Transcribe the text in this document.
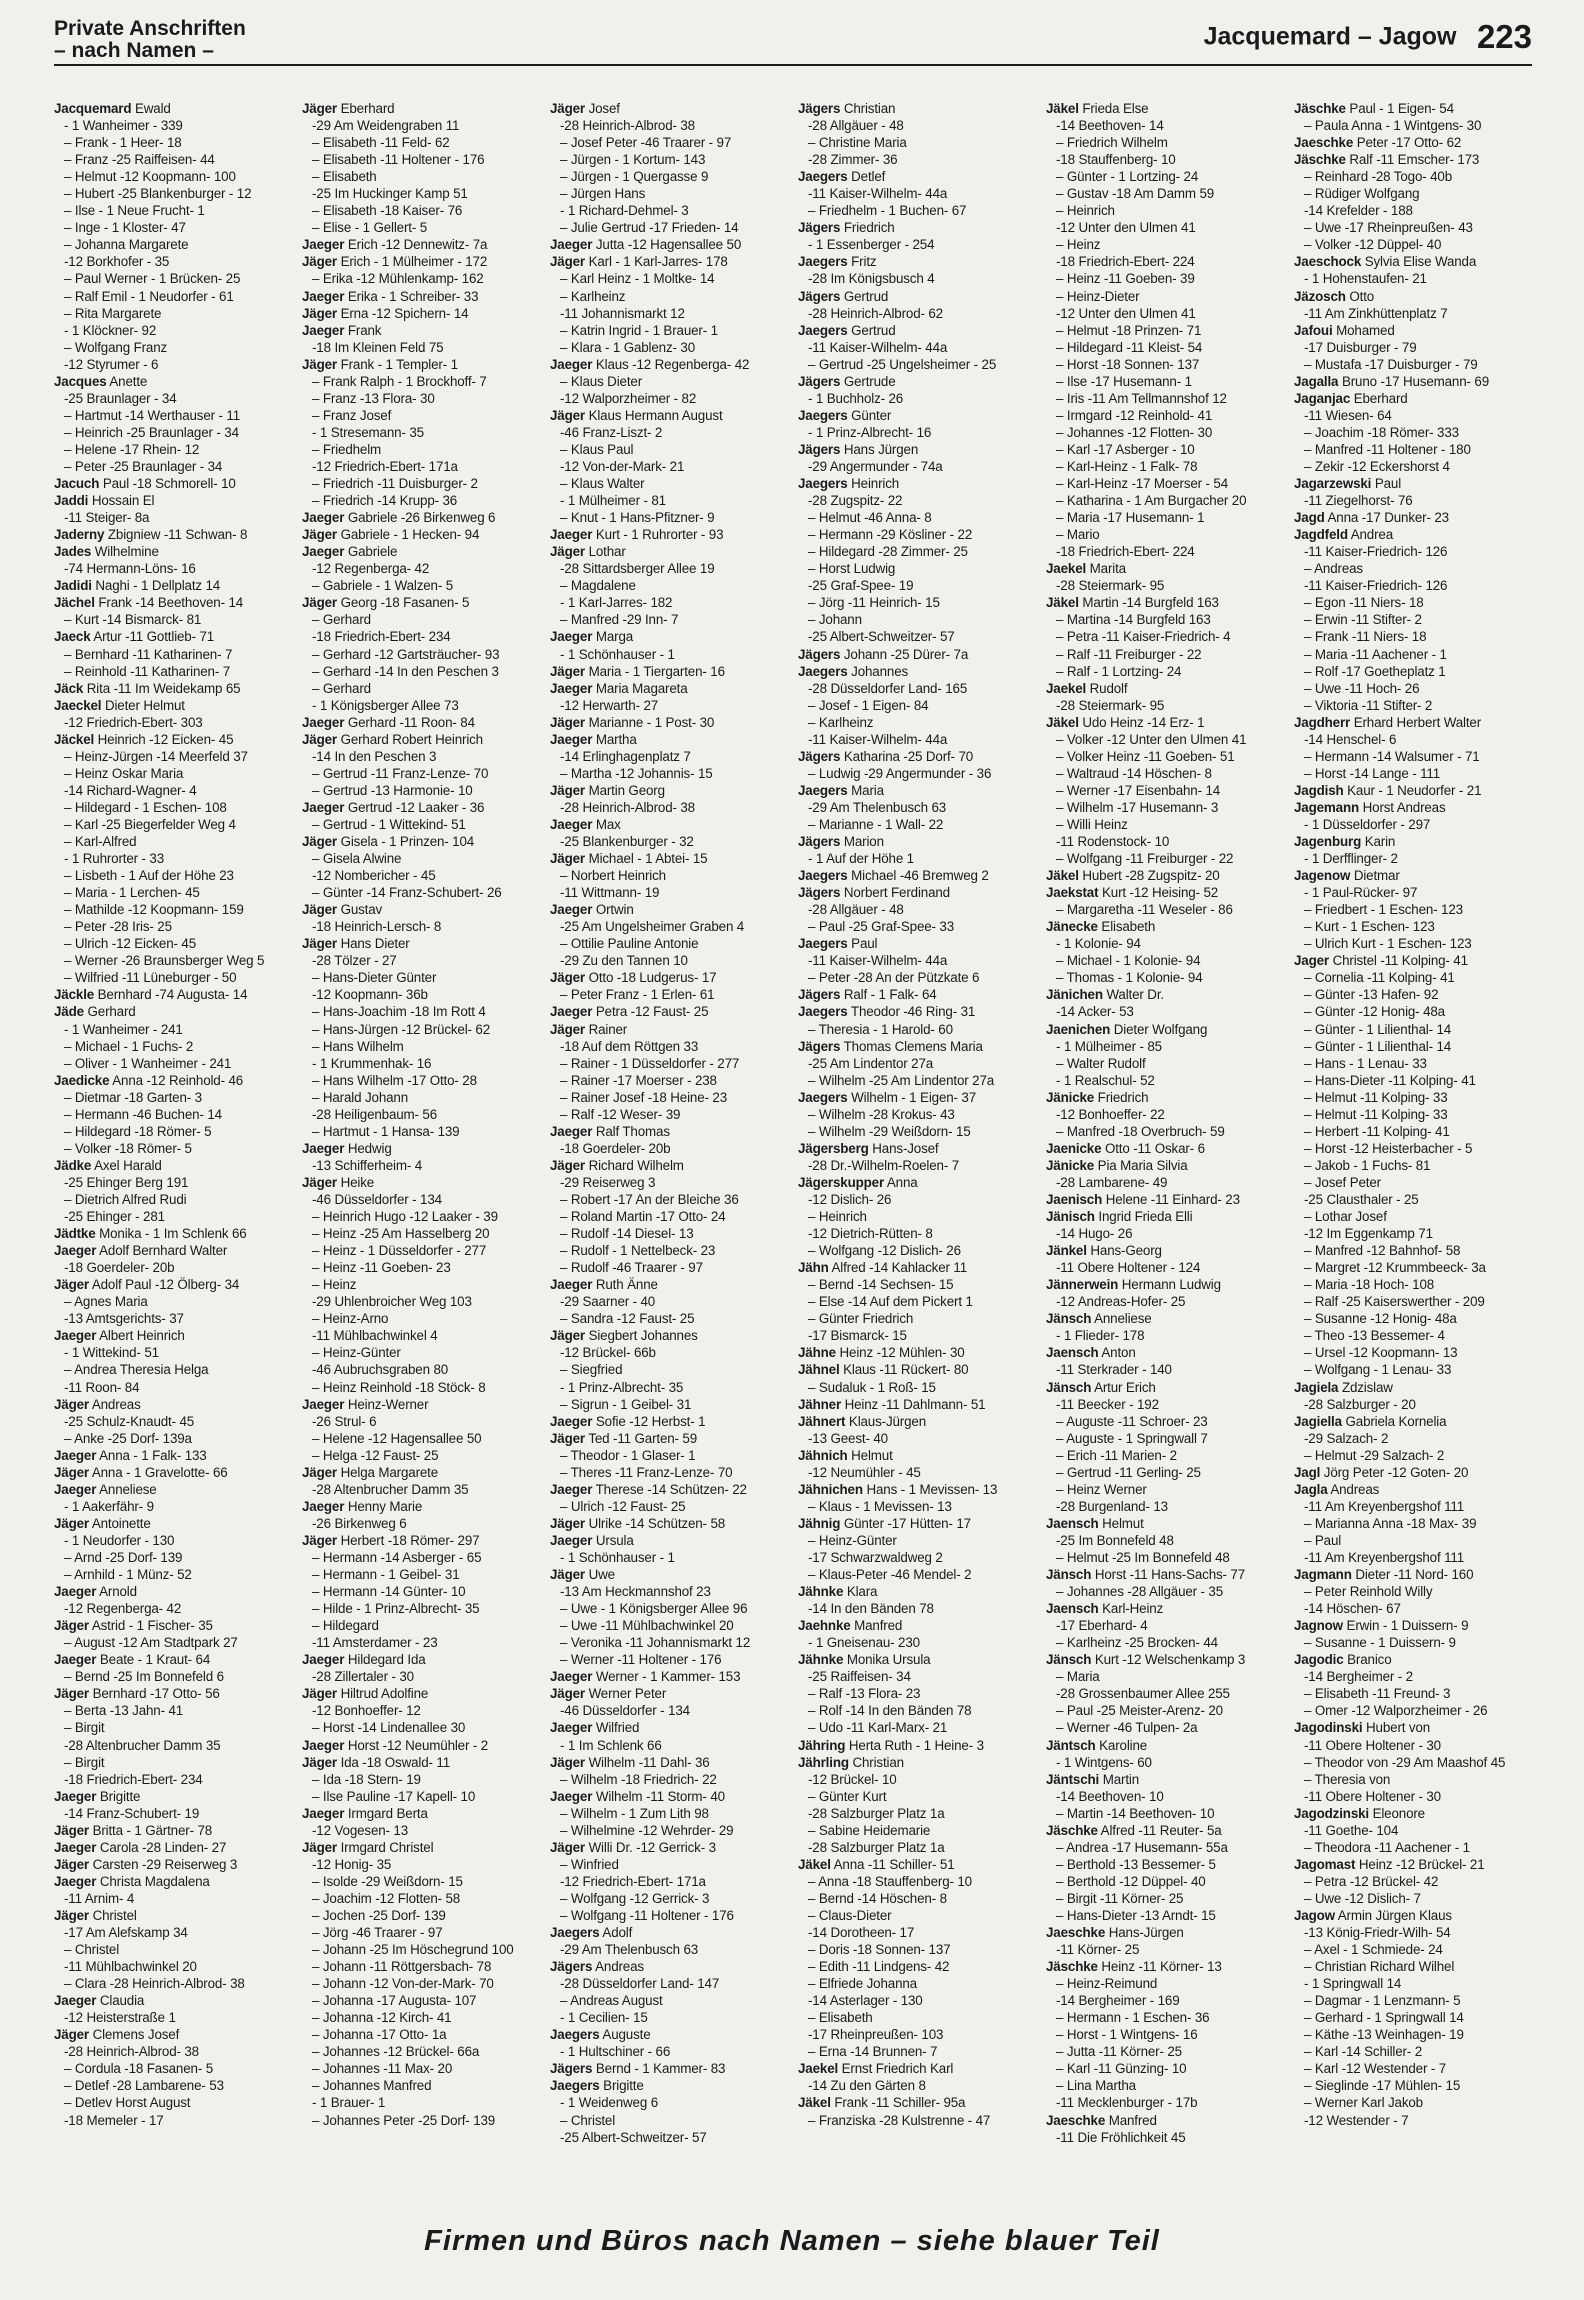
Private Anschriften
– nach Namen –	Jacquemard – Jagow 223
Jacquemard Ewald
- 1 Wanheimer - 339
– Frank - 1 Heer- 18
– Franz -25 Raiffeisen- 44
– Helmut -12 Koopmann- 100
– Hubert -25 Blankenburger - 12
– Ilse - 1 Neue Frucht- 1
– Inge - 1 Kloster- 47
– Johanna Margarete
-12 Borkhofer - 35
– Paul Werner - 1 Brücken- 25
– Ralf Emil - 1 Neudorfer - 61
– Rita Margarete
- 1 Klöckner- 92
– Wolfgang Franz
-12 Styrumer - 6
Jacques Anette
-25 Braunlager - 34
– Hartmut -14 Werthauser - 11
– Heinrich -25 Braunlager - 34
– Helene -17 Rhein- 12
– Peter -25 Braunlager - 34
Jacuch Paul -18 Schmorell- 10
Jaddi Hossain El
-11 Steiger- 8a
Jaderny Zbigniew -11 Schwan- 8
Jades Wilhelmine
-74 Hermann-Löns- 16
Jadidi Naghi - 1 Dellplatz 14
Jächel Frank -14 Beethoven- 14
– Kurt -14 Bismarck- 81
Jaeck Artur -11 Gottlieb- 71
– Bernhard -11 Katharinen- 7
– Reinhold -11 Katharinen- 7
Jäck Rita -11 Im Weidekamp 65
Jaeckel Dieter Helmut
-12 Friedrich-Ebert- 303
Jäckel Heinrich -12 Eicken- 45
– Heinz-Jürgen -14 Meerfeld 37
– Heinz Oskar Maria
-14 Richard-Wagner- 4
– Hildegard - 1 Eschen- 108
– Karl -25 Biegerfelder Weg 4
– Karl-Alfred
- 1 Ruhrorter - 33
– Lisbeth - 1 Auf der Höhe 23
– Maria - 1 Lerchen- 45
– Mathilde -12 Koopmann- 159
– Peter -28 Iris- 25
– Ulrich -12 Eicken- 45
– Werner -26 Braunsberger Weg 5
– Wilfried -11 Lüneburger - 50
Jäckle Bernhard -74 Augusta- 14
Jäde Gerhard
- 1 Wanheimer - 241
– Michael - 1 Fuchs- 2
– Oliver - 1 Wanheimer - 241
Jaedicke Anna -12 Reinhold- 46
– Dietmar -18 Garten- 3
– Hermann -46 Buchen- 14
– Hildegard -18 Römer- 5
– Volker -18 Römer- 5
Jädke Axel Harald
-25 Ehinger Berg 191
– Dietrich Alfred Rudi
-25 Ehinger - 281
Jädtke Monika - 1 Im Schlenk 66
Jaeger Adolf Bernhard Walter
-18 Goerdeler- 20b
Jäger Adolf Paul -12 Ölberg- 34
– Agnes Maria
-13 Amtsgerichts- 37
Jaeger Albert Heinrich
- 1 Wittekind- 51
– Andrea Theresia Helga
-11 Roon- 84
Jäger Andreas
-25 Schulz-Knaudt- 45
– Anke -25 Dorf- 139a
Jaeger Anna - 1 Falk- 133
Jäger Anna - 1 Gravelotte- 66
Jaeger Anneliese
- 1 Aakerfähr- 9
Jäger Antoinette
- 1 Neudorfer - 130
– Arnd -25 Dorf- 139
– Arnhild - 1 Münz- 52
Jaeger Arnold
-12 Regenberga- 42
Jäger Astrid - 1 Fischer- 35
– August -12 Am Stadtpark 27
Jaeger Beate - 1 Kraut- 64
– Bernd -25 Im Bonnefeld 6
Jäger Bernhard -17 Otto- 56
– Berta -13 Jahn- 41
– Birgit
-28 Altenbrucher Damm 35
– Birgit
-18 Friedrich-Ebert- 234
Jaeger Brigitte
-14 Franz-Schubert- 19
Jäger Britta - 1 Gärtner- 78
Jaeger Carola -28 Linden- 27
Jäger Carsten -29 Reiserweg 3
Jaeger Christa Magdalena
-11 Arnim- 4
Jäger Christel
-17 Am Alefskamp 34
– Christel
-11 Mühlbachwinkel 20
– Clara -28 Heinrich-Albrod- 38
Jaeger Claudia
-12 Heisterstraße 1
Jäger Clemens Josef
-28 Heinrich-Albrod- 38
– Cordula -18 Fasanen- 5
– Detlef -28 Lambarene- 53
– Detlev Horst August
-18 Memeler - 17
Jäger Eberhard
-29 Am Weidengraben 11
– Elisabeth -11 Feld- 62
– Elisabeth -11 Holtener - 176
– Elisabeth
-25 Im Huckinger Kamp 51
– Elisabeth -18 Kaiser- 76
– Elise - 1 Gellert- 5
Jaeger Erich -12 Dennewitz- 7a
Jäger Erich - 1 Mülheimer - 172
– Erika -12 Mühlenkamp- 162
Jaeger Erika - 1 Schreiber- 33
Jäger Erna -12 Spichern- 14
Jaeger Frank
-18 Im Kleinen Feld 75
Jäger Frank - 1 Templer- 1
– Frank Ralph - 1 Brockhoff- 7
– Franz -13 Flora- 30
– Franz Josef
- 1 Stresemann- 35
– Friedhelm
-12 Friedrich-Ebert- 171a
– Friedrich -11 Duisburger- 2
– Friedrich -14 Krupp- 36
Jaeger Gabriele -26 Birkenweg 6
Jäger Gabriele - 1 Hecken- 94
Jaeger Gabriele
-12 Regenberga- 42
– Gabriele - 1 Walzen- 5
Jäger Georg -18 Fasanen- 5
– Gerhard
-18 Friedrich-Ebert- 234
– Gerhard -12 Gartsträucher- 93
– Gerhard -14 In den Peschen 3
– Gerhard
- 1 Königsberger Allee 73
Jaeger Gerhard -11 Roon- 84
Jäger Gerhard Robert Heinrich
-14 In den Peschen 3
– Gertrud -11 Franz-Lenze- 70
– Gertrud -13 Harmonie- 10
Jaeger Gertrud -12 Laaker - 36
– Gertrud - 1 Wittekind- 51
Jäger Gisela - 1 Prinzen- 104
– Gisela Alwine
-12 Nombericher - 45
– Günter -14 Franz-Schubert- 26
Jäger Gustav
-18 Heinrich-Lersch- 8
Jäger Hans Dieter
-28 Tölzer - 27
– Hans-Dieter Günter
-12 Koopmann- 36b
– Hans-Joachim -18 Im Rott 4
– Hans-Jürgen -12 Brückel- 62
– Hans Wilhelm
- 1 Krummenhak- 16
– Hans Wilhelm -17 Otto- 28
– Harald Johann
-28 Heiligenbaum- 56
– Hartmut - 1 Hansa- 139
Jaeger Hedwig
-13 Schifferheim- 4
Jäger Heike
-46 Düsseldorfer - 134
– Heinrich Hugo -12 Laaker - 39
– Heinz -25 Am Hasselberg 20
– Heinz - 1 Düsseldorfer - 277
– Heinz -11 Goeben- 23
– Heinz
-29 Uhlenbroicher Weg 103
– Heinz-Arno
-11 Mühlbachwinkel 4
– Heinz-Günter
-46 Aubruchsgraben 80
– Heinz Reinhold -18 Stöck- 8
Jaeger Heinz-Werner
-26 Strul- 6
– Helene -12 Hagensallee 50
– Helga -12 Faust- 25
Jäger Helga Margarete
-28 Altenbrucher Damm 35
Jaeger Henny Marie
-26 Birkenweg 6
Jäger Herbert -18 Römer- 297
– Hermann -14 Asberger - 65
– Hermann - 1 Geibel- 31
– Hermann -14 Günter- 10
– Hilde - 1 Prinz-Albrecht- 35
– Hildegard
-11 Amsterdamer - 23
Jaeger Hildegard Ida
-28 Zillertaler - 30
Jäger Hiltrud Adolfine
-12 Bonhoeffer- 12
– Horst -14 Lindenallee 30
Jaeger Horst -12 Neumühler - 2
Jäger Ida -18 Oswald- 11
– Ida -18 Stern- 19
– Ilse Pauline -17 Kapell- 10
Jaeger Irmgard Berta
-12 Vogesen- 13
Jäger Irmgard Christel
-12 Honig- 35
– Isolde -29 Weißdorn- 15
– Joachim -12 Flotten- 58
– Jochen -25 Dorf- 139
– Jörg -46 Traarer - 97
– Johann -25 Im Höschegrund 100
– Johann -11 Röttgersbach- 78
– Johann -12 Von-der-Mark- 70
– Johanna -17 Augusta- 107
– Johanna -12 Kirch- 41
– Johanna -17 Otto- 1a
– Johannes -12 Brückel- 66a
– Johannes -11 Max- 20
– Johannes Manfred
- 1 Brauer- 1
– Johannes Peter -25 Dorf- 139
Jäger Josef
-28 Heinrich-Albrod- 38
– Josef Peter -46 Traarer - 97
– Jürgen - 1 Kortum- 143
– Jürgen - 1 Quergasse 9
– Jürgen Hans
- 1 Richard-Dehmel- 3
– Julie Gertrud -17 Frieden- 14
Jaeger Jutta -12 Hagensallee 50
Jäger Karl - 1 Karl-Jarres- 178
– Karl Heinz - 1 Moltke- 14
– Karlheinz
-11 Johannismarkt 12
– Katrin Ingrid - 1 Brauer- 1
– Klara - 1 Gablenz- 30
Jaeger Klaus -12 Regenberga- 42
– Klaus Dieter
-12 Walporzheimer - 82
Jäger Klaus Hermann August
-46 Franz-Liszt- 2
– Klaus Paul
-12 Von-der-Mark- 21
– Klaus Walter
- 1 Mülheimer - 81
– Knut - 1 Hans-Pfitzner- 9
Jaeger Kurt - 1 Ruhrorter - 93
Jäger Lothar
-28 Sittardsberger Allee 19
– Magdalene
- 1 Karl-Jarres- 182
– Manfred -29 Inn- 7
Jaeger Marga
- 1 Schönhauser - 1
Jäger Maria - 1 Tiergarten- 16
Jaeger Maria Magareta
-12 Herwarth- 27
Jäger Marianne - 1 Post- 30
Jaeger Martha
-14 Erlinghagenplatz 7
– Martha -12 Johannis- 15
Jäger Martin Georg
-28 Heinrich-Albrod- 38
Jaeger Max
-25 Blankenburger - 32
Jäger Michael - 1 Abtei- 15
– Norbert Heinrich
-11 Wittmann- 19
Jaeger Ortwin
-25 Am Ungelsheimer Graben 4
– Ottilie Pauline Antonie
-29 Zu den Tannen 10
Jäger Otto -18 Ludgerus- 17
– Peter Franz - 1 Erlen- 61
Jaeger Petra -12 Faust- 25
Jäger Rainer
-18 Auf dem Röttgen 33
– Rainer - 1 Düsseldorfer - 277
– Rainer -17 Moerser - 238
– Rainer Josef -18 Heine- 23
– Ralf -12 Weser- 39
Jaeger Ralf Thomas
-18 Goerdeler- 20b
Jäger Richard Wilhelm
-29 Reiserweg 3
– Robert -17 An der Bleiche 36
– Roland Martin -17 Otto- 24
– Rudolf -14 Diesel- 13
– Rudolf - 1 Nettelbeck- 23
– Rudolf -46 Traarer - 97
Jaeger Ruth Änne
-29 Saarner - 40
– Sandra -12 Faust- 25
Jäger Siegbert Johannes
-12 Brückel- 66b
– Siegfried
- 1 Prinz-Albrecht- 35
– Sigrun - 1 Geibel- 31
Jaeger Sofie -12 Herbst- 1
Jäger Ted -11 Garten- 59
– Theodor - 1 Glaser- 1
– Theres -11 Franz-Lenze- 70
Jaeger Therese -14 Schützen- 22
– Ulrich -12 Faust- 25
Jäger Ulrike -14 Schützen- 58
Jaeger Ursula
- 1 Schönhauser - 1
Jäger Uwe
-13 Am Heckmannshof 23
– Uwe - 1 Königsberger Allee 96
– Uwe -11 Mühlbachwinkel 20
– Veronika -11 Johannismarkt 12
– Werner -11 Holtener - 176
Jaeger Werner - 1 Kammer- 153
Jäger Werner Peter
-46 Düsseldorfer - 134
Jaeger Wilfried
- 1 Im Schlenk 66
Jäger Wilhelm -11 Dahl- 36
– Wilhelm -18 Friedrich- 22
Jaeger Wilhelm -11 Storm- 40
– Wilhelm - 1 Zum Lith 98
– Wilhelmine -12 Wehrder- 29
Jäger Willi Dr. -12 Gerrick- 3
– Winfried
-12 Friedrich-Ebert- 171a
– Wolfgang -12 Gerrick- 3
– Wolfgang -11 Holtener - 176
Jaegers Adolf
-29 Am Thelenbusch 63
Jägers Andreas
-28 Düsseldorfer Land- 147
– Andreas August
- 1 Cecilien- 15
Jaegers Auguste
- 1 Hultschiner - 66
Jägers Bernd - 1 Kammer- 83
Jaegers Brigitte
- 1 Weidenweg 6
– Christel
-25 Albert-Schweitzer- 57
Jägers Christian
-28 Allgäuer - 48
– Christine Maria
-28 Zimmer- 36
Jaegers Detlef
-11 Kaiser-Wilhelm- 44a
– Friedhelm - 1 Buchen- 67
Jägers Friedrich
- 1 Essenberger - 254
Jaegers Fritz
-28 Im Königsbusch 4
Jägers Gertrud
-28 Heinrich-Albrod- 62
Jaegers Gertrud
-11 Kaiser-Wilhelm- 44a
– Gertrud -25 Ungelsheimer - 25
Jägers Gertrude
- 1 Buchholz- 26
Jaegers Günter
- 1 Prinz-Albrecht- 16
Jägers Hans Jürgen
-29 Angermunder - 74a
Jaegers Heinrich
-28 Zugspitz- 22
– Helmut -46 Anna- 8
– Hermann -29 Kösliner - 22
– Hildegard -28 Zimmer- 25
– Horst Ludwig
-25 Graf-Spee- 19
– Jörg -11 Heinrich- 15
– Johann
-25 Albert-Schweitzer- 57
Jägers Johann -25 Dürer- 7a
Jaegers Johannes
-28 Düsseldorfer Land- 165
– Josef - 1 Eigen- 84
– Karlheinz
-11 Kaiser-Wilhelm- 44a
Jägers Katharina -25 Dorf- 70
– Ludwig -29 Angermunder - 36
Jaegers Maria
-29 Am Thelenbusch 63
– Marianne - 1 Wall- 22
Jägers Marion
- 1 Auf der Höhe 1
Jaegers Michael -46 Bremweg 2
Jägers Norbert Ferdinand
-28 Allgäuer - 48
– Paul -25 Graf-Spee- 33
Jaegers Paul
-11 Kaiser-Wilhelm- 44a
– Peter -28 An der Pützkate 6
Jägers Ralf - 1 Falk- 64
Jaegers Theodor -46 Ring- 31
– Theresia - 1 Harold- 60
Jägers Thomas Clemens Maria
-25 Am Lindentor 27a
– Wilhelm -25 Am Lindentor 27a
Jaegers Wilhelm - 1 Eigen- 37
– Wilhelm -28 Krokus- 43
– Wilhelm -29 Weißdorn- 15
Jägersberg Hans-Josef
-28 Dr.-Wilhelm-Roelen- 7
Jägerskupper Anna
-12 Dislich- 26
– Heinrich
-12 Dietrich-Rütten- 8
– Wolfgang -12 Dislich- 26
Jähn Alfred -14 Kahlacker 11
– Bernd -14 Sechsen- 15
– Else -14 Auf dem Pickert 1
– Günter Friedrich
-17 Bismarck- 15
Jähne Heinz -12 Mühlen- 30
Jähnel Klaus -11 Rückert- 80
– Sudaluk - 1 Roß- 15
Jähner Heinz -11 Dahlmann- 51
Jähnert Klaus-Jürgen
-13 Geest- 40
Jähnich Helmut
-12 Neumühler - 45
Jähnichen Hans - 1 Mevissen- 13
– Klaus - 1 Mevissen- 13
Jähnig Günter -17 Hütten- 17
– Heinz-Günter
-17 Schwarzwaldweg 2
– Klaus-Peter -46 Mendel- 2
Jähnke Klara
-14 In den Bänden 78
Jaehnke Manfred
- 1 Gneisenau- 230
Jähnke Monika Ursula
-25 Raiffeisen- 34
– Ralf -13 Flora- 23
– Rolf -14 In den Bänden 78
– Udo -11 Karl-Marx- 21
Jähring Herta Ruth - 1 Heine- 3
Jährling Christian
-12 Brückel- 10
– Günter Kurt
-28 Salzburger Platz 1a
– Sabine Heidemarie
-28 Salzburger Platz 1a
Jäkel Anna -11 Schiller- 51
– Anna -18 Stauffenberg- 10
– Bernd -14 Höschen- 8
– Claus-Dieter
-14 Dorotheen- 17
– Doris -18 Sonnen- 137
– Edith -11 Lindgens- 42
– Elfriede Johanna
-14 Asterlager - 130
– Elisabeth
-17 Rheinpreußen- 103
– Erna -14 Brunnen- 7
Jaekel Ernst Friedrich Karl
-14 Zu den Gärten 8
Jäkel Frank -11 Schiller- 95a
– Franziska -28 Kulstrenne - 47
Jäkel Frieda Else
-14 Beethoven- 14
– Friedrich Wilhelm
-18 Stauffenberg- 10
– Günter - 1 Lortzing- 24
– Gustav -18 Am Damm 59
– Heinrich
-12 Unter den Ulmen 41
– Heinz
-18 Friedrich-Ebert- 224
– Heinz -11 Goeben- 39
– Heinz-Dieter
-12 Unter den Ulmen 41
– Helmut -18 Prinzen- 71
– Hildegard -11 Kleist- 54
– Horst -18 Sonnen- 137
– Ilse -17 Husemann- 1
– Iris -11 Am Tellmannshof 12
– Irmgard -12 Reinhold- 41
– Johannes -12 Flotten- 30
– Karl -17 Asberger - 10
– Karl-Heinz - 1 Falk- 78
– Karl-Heinz -17 Moerser - 54
– Katharina - 1 Am Burgacher 20
– Maria -17 Husemann- 1
– Mario
-18 Friedrich-Ebert- 224
Jaekel Marita
-28 Steiermark- 95
Jäkel Martin -14 Burgfeld 163
– Martina -14 Burgfeld 163
– Petra -11 Kaiser-Friedrich- 4
– Ralf -11 Freiburger - 22
– Ralf - 1 Lortzing- 24
Jaekel Rudolf
-28 Steiermark- 95
Jäkel Udo Heinz -14 Erz- 1
– Volker -12 Unter den Ulmen 41
– Volker Heinz -11 Goeben- 51
– Waltraud -14 Höschen- 8
– Werner -17 Eisenbahn- 14
– Wilhelm -17 Husemann- 3
– Willi Heinz
-11 Rodenstock- 10
– Wolfgang -11 Freiburger - 22
Jäkel Hubert -28 Zugspitz- 20
Jaekstat Kurt -12 Heising- 52
– Margaretha -11 Weseler - 86
Jänecke Elisabeth
- 1 Kolonie- 94
– Michael - 1 Kolonie- 94
– Thomas - 1 Kolonie- 94
Jänichen Walter Dr.
-14 Acker- 53
Jaenichen Dieter Wolfgang
- 1 Mülheimer - 85
– Walter Rudolf
- 1 Realschul- 52
Jänicke Friedrich
-12 Bonhoeffer- 22
– Manfred -18 Overbruch- 59
Jaenicke Otto -11 Oskar- 6
Jänicke Pia Maria Silvia
-28 Lambarene- 49
Jaenisch Helene -11 Einhard- 23
Jänisch Ingrid Frieda Elli
-14 Hugo- 26
Jänkel Hans-Georg
-11 Obere Holtener - 124
Jännerwein Hermann Ludwig
-12 Andreas-Hofer- 25
Jänsch Anneliese
- 1 Flieder- 178
Jaensch Anton
-11 Sterkrader - 140
Jänsch Artur Erich
-11 Beecker - 192
– Auguste -11 Schroer- 23
– Auguste - 1 Springwall 7
– Erich -11 Marien- 2
– Gertrud -11 Gerling- 25
– Heinz Werner
-28 Burgenland- 13
Jaensch Helmut
-25 Im Bonnefeld 48
– Helmut -25 Im Bonnefeld 48
Jänsch Horst -11 Hans-Sachs- 77
– Johannes -28 Allgäuer - 35
Jaensch Karl-Heinz
-17 Eberhard- 4
– Karlheinz -25 Brocken- 44
Jänsch Kurt -12 Welschenkamp 3
– Maria
-28 Grossenbaumer Allee 255
– Paul -25 Meister-Arenz- 20
– Werner -46 Tulpen- 2a
Jäntsch Karoline
- 1 Wintgens- 60
Jäntschi Martin
-14 Beethoven- 10
– Martin -14 Beethoven- 10
Jäschke Alfred -11 Reuter- 5a
– Andrea -17 Husemann- 55a
– Berthold -13 Bessemer- 5
– Berthold -12 Düppel- 40
– Birgit -11 Körner- 25
– Hans-Dieter -13 Arndt- 15
Jaeschke Hans-Jürgen
-11 Körner- 25
Jäschke Heinz -11 Körner- 13
– Heinz-Reimund
-14 Bergheimer - 169
– Hermann - 1 Eschen- 36
– Horst - 1 Wintgens- 16
– Jutta -11 Körner- 25
– Karl -11 Günzing- 10
– Lina Martha
-11 Mecklenburger - 17b
Jaeschke Manfred
-11 Die Fröhlichkeit 45
Jäschke Paul - 1 Eigen- 54
– Paula Anna - 1 Wintgens- 30
Jaeschke Peter -17 Otto- 62
Jäschke Ralf -11 Emscher- 173
– Reinhard -28 Togo- 40b
– Rüdiger Wolfgang
-14 Krefelder - 188
– Uwe -17 Rheinpreußen- 43
– Volker -12 Düppel- 40
Jaeschock Sylvia Elise Wanda
- 1 Hohenstaufen- 21
Jäzosch Otto
-11 Am Zinkhüttenplatz 7
Jafoui Mohamed
-17 Duisburger - 79
– Mustafa -17 Duisburger - 79
Jagalla Bruno -17 Husemann- 69
Jaganjac Eberhard
-11 Wiesen- 64
– Joachim -18 Römer- 333
– Manfred -11 Holtener - 180
– Zekir -12 Eckershorst 4
Jagarzewski Paul
-11 Ziegelhorst- 76
Jagd Anna -17 Dunker- 23
Jagdfeld Andrea
-11 Kaiser-Friedrich- 126
– Andreas
-11 Kaiser-Friedrich- 126
– Egon -11 Niers- 18
– Erwin -11 Stifter- 2
– Frank -11 Niers- 18
– Maria -11 Aachener - 1
– Rolf -17 Goetheplatz 1
– Uwe -11 Hoch- 26
– Viktoria -11 Stifter- 2
Jagdherr Erhard Herbert Walter
-14 Henschel- 6
– Hermann -14 Walsumer - 71
– Horst -14 Lange - 111
Jagdish Kaur - 1 Neudorfer - 21
Jagemann Horst Andreas
- 1 Düsseldorfer - 297
Jagenburg Karin
- 1 Derfflinger- 2
Jagenow Dietmar
- 1 Paul-Rücker- 97
– Friedbert - 1 Eschen- 123
– Kurt - 1 Eschen- 123
– Ulrich Kurt - 1 Eschen- 123
Jager Christel -11 Kolping- 41
– Cornelia -11 Kolping- 41
– Günter -13 Hafen- 92
– Günter -12 Honig- 48a
– Günter - 1 Lilienthal- 14
– Günter - 1 Lilienthal- 14
– Hans - 1 Lenau- 33
– Hans-Dieter -11 Kolping- 41
– Helmut -11 Kolping- 33
– Helmut -11 Kolping- 33
– Herbert -11 Kolping- 41
– Horst -12 Heisterbacher - 5
– Jakob - 1 Fuchs- 81
– Josef Peter
-25 Clausthaler - 25
– Lothar Josef
-12 Im Eggenkamp 71
– Manfred -12 Bahnhof- 58
– Margret -12 Krummbeeck- 3a
– Maria -18 Hoch- 108
– Ralf -25 Kaiserswerther - 209
– Susanne -12 Honig- 48a
– Theo -13 Bessemer- 4
– Ursel -12 Koopmann- 13
– Wolfgang - 1 Lenau- 33
Jagiela Zdzislaw
-28 Salzburger - 20
Jagiella Gabriela Kornelia
-29 Salzach- 2
– Helmut -29 Salzach- 2
Jagl Jörg Peter -12 Goten- 20
Jagla Andreas
-11 Am Kreyenbergshof 111
– Marianna Anna -18 Max- 39
– Paul
-11 Am Kreyenbergshof 111
Jagmann Dieter -11 Nord- 160
– Peter Reinhold Willy
-14 Höschen- 67
Jagnow Erwin - 1 Duissern- 9
– Susanne - 1 Duissern- 9
Jagodic Branico
-14 Bergheimer - 2
– Elisabeth -11 Freund- 3
– Omer -12 Walporzheimer - 26
Jagodinski Hubert von
-11 Obere Holtener - 30
– Theodor von -29 Am Maashof 45
– Theresia von
-11 Obere Holtener - 30
Jagodzinski Eleonore
-11 Goethe- 104
– Theodora -11 Aachener - 1
Jagomast Heinz -12 Brückel- 21
– Petra -12 Brückel- 42
– Uwe -12 Dislich- 7
Jagow Armin Jürgen Klaus
-13 König-Friedr-Wilh- 54
– Axel - 1 Schmiede- 24
– Christian Richard Wilhel
- 1 Springwall 14
– Dagmar - 1 Lenzmann- 5
– Gerhard - 1 Springwall 14
– Käthe -13 Weinhagen- 19
– Karl -14 Schiller- 2
– Karl -12 Westender - 7
– Sieglinde -17 Mühlen- 15
– Werner Karl Jakob
-12 Westender - 7
Firmen und Büros nach Namen – siehe blauer Teil
